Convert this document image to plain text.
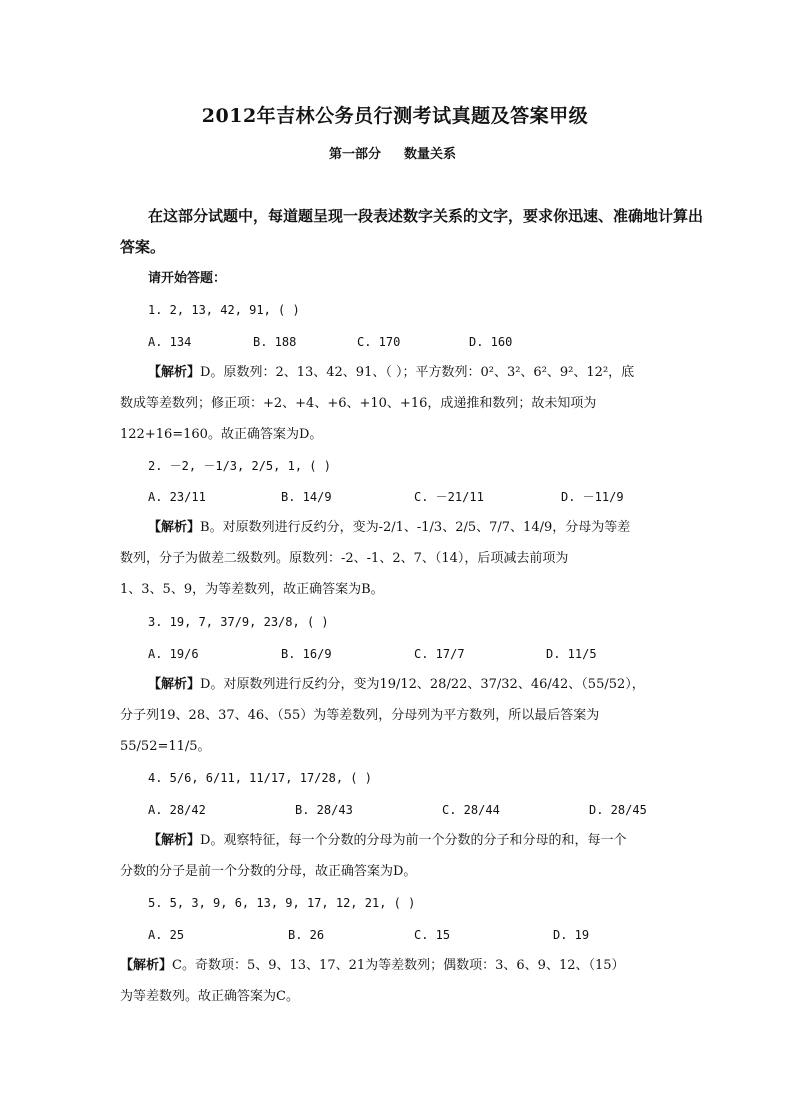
2012年吉林公务员行测考试真题及答案甲级
第一部分 数量关系
在这部分试题中，每道题呈现一段表述数字关系的文字，要求你迅速、准确地计算出
答案。
请开始答题：
1. 2, 13, 42, 91, ( )
A. 134	B. 188	C. 170	D. 160
【解析】D。原数列：2、13、42、91、（ ）；平方数列：0²、3²、6²、9²、12²，底
数成等差数列；修正项：+2、+4、+6、+10、+16，成递推和数列；故未知项为
122+16=160。故正确答案为D。
2. －2, －1/3, 2/5, 1, ( )
A. 23/11	B. 14/9	C. －21/11	D. －11/9
【解析】B。对原数列进行反约分，变为-2/1、-1/3、2/5、7/7、14/9，分母为等差
数列，分子为做差二级数列。原数列：-2、-1、2、7、（14），后项减去前项为
1、3、5、9，为等差数列，故正确答案为B。
3. 19, 7, 37/9, 23/8, ( )
A. 19/6	B. 16/9	C. 17/7	D. 11/5
【解析】D。对原数列进行反约分，变为19/12、28/22、37/32、46/42、（55/52），
分子列19、28、37、46、（55）为等差数列，分母列为平方数列，所以最后答案为
55/52=11/5。
4. 5/6, 6/11, 11/17, 17/28, ( )
A. 28/42	B. 28/43	C. 28/44	D. 28/45
【解析】D。观察特征，每一个分数的分母为前一个分数的分子和分母的和，每一个
分数的分子是前一个分数的分母，故正确答案为D。
5. 5, 3, 9, 6, 13, 9, 17, 12, 21, ( )
A. 25	B. 26	C. 15	D. 19
【解析】C。奇数项：5、9、13、17、21为等差数列；偶数项：3、6、9、12、（15）
为等差数列。故正确答案为C。
